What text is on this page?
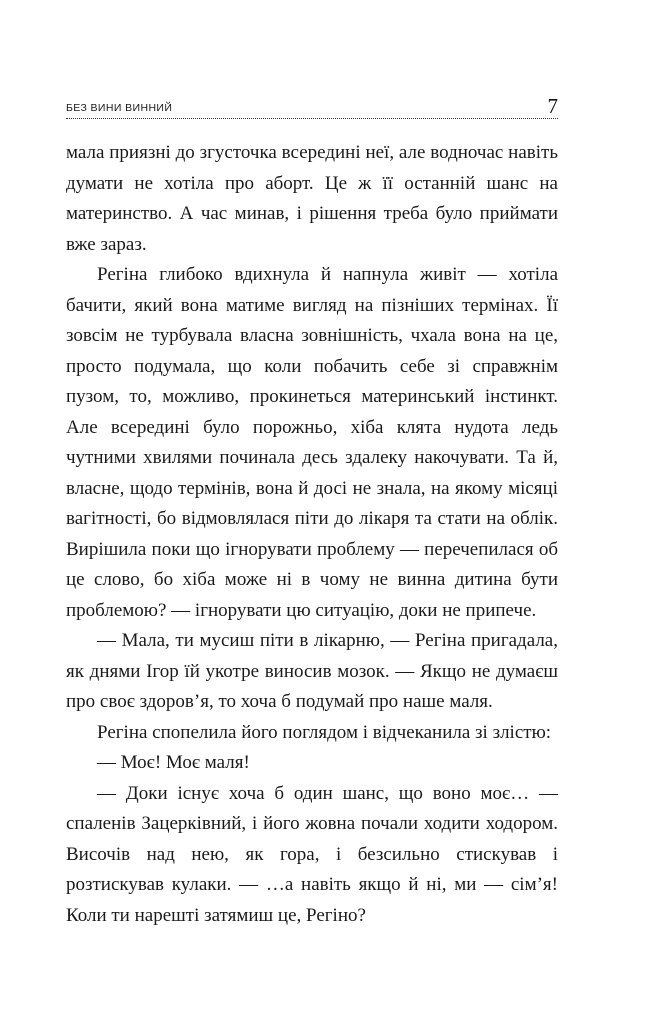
БЕЗ ВИНИ ВИННИЙ	7

мала приязні до згусточка всередині неї, але водночас навіть думати не хотіла про аборт. Це ж її останній шанс на материнство. А час минав, і рішення треба було приймати вже зараз.

Регіна глибоко вдихнула й напнула живіт — хотіла бачити, який вона матиме вигляд на пізніших термінах. Її зовсім не турбувала власна зовнішність, чхала вона на це, просто подумала, що коли побачить себе зі справжнім пузом, то, можливо, прокинеться материнський інстинкт. Але всередині було порожньо, хіба клята нудота ледь чутними хвилями починала десь здалеку накочувати. Та й, власне, щодо термінів, вона й досі не знала, на якому місяці вагітності, бо відмовлялася піти до лікаря та стати на облік. Вирішила поки що ігнорувати проблему — перечепилася об це слово, бо хіба може ні в чому не винна дитина бути проблемою? — ігнорувати цю ситуацію, доки не припече.

— Мала, ти мусиш піти в лікарню, — Регіна пригадала, як днями Ігор їй укотре виносив мозок. — Якщо не думаєш про своє здоров’я, то хоча б подумай про наше маля.

Регіна спопелила його поглядом і відчеканила зі злістю:

— Моє! Моє маля!

— Доки існує хоча б один шанс, що воно моє… — спаленів Зацерківний, і його жовна почали ходити ходором. Височів над нею, як гора, і безсильно стискував і розтискував кулаки. — …а навіть якщо й ні, ми — сім’я! Коли ти нарешті затямиш це, Регіно?
